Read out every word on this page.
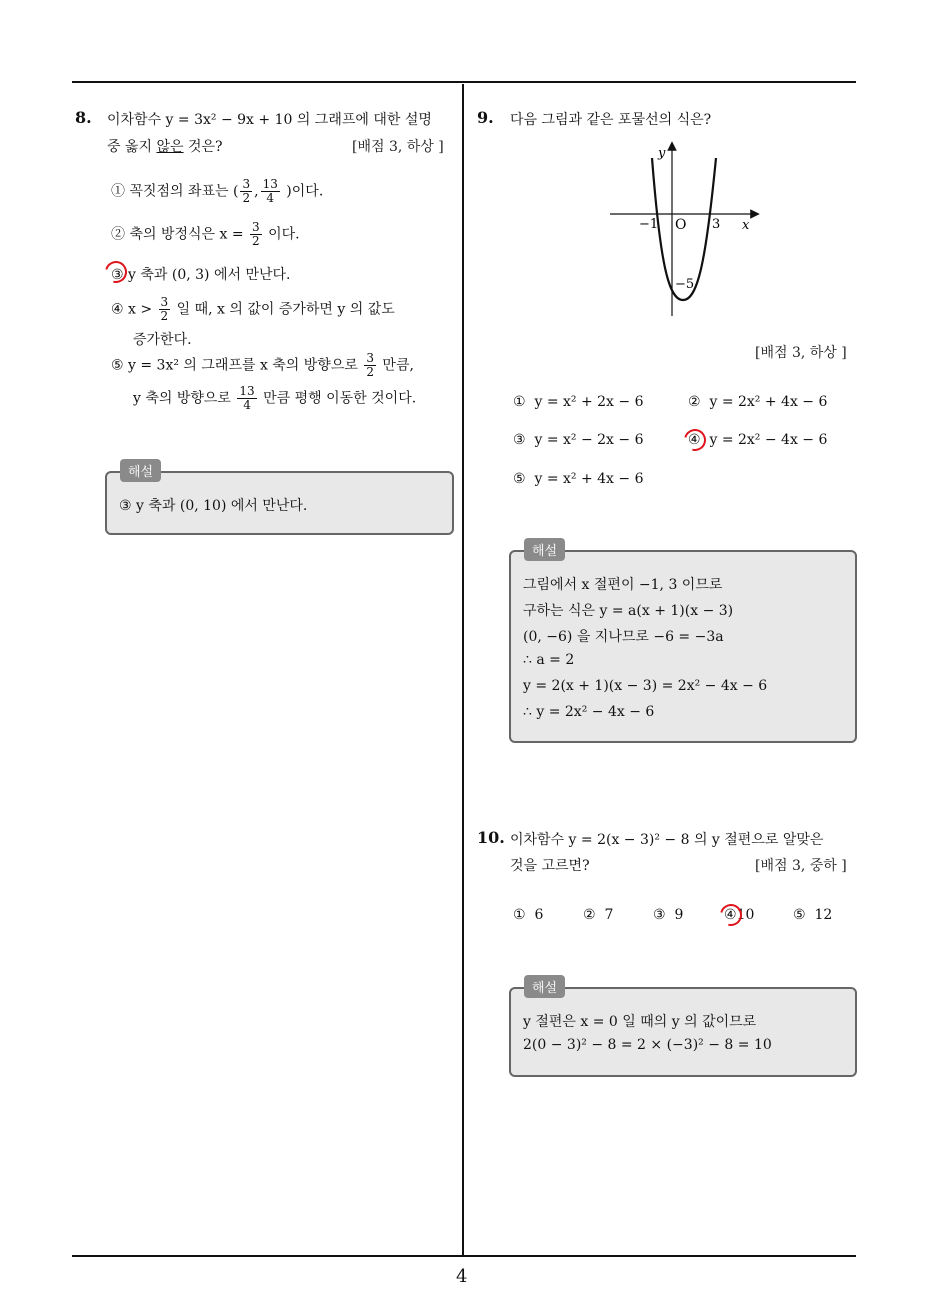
4
8. 이차함수 y = 3x² − 9x + 10 의 그래프에 대한 설명
중 옳지 않은 것은?	[배점 3, 하상 ]
① 꼭짓점의 좌표는 ( $\frac{3}{2}$ , $\frac{13}{4}$ )이다.
② 축의 방정식은 $x = \frac{3}{2}$ 이다.
③ y 축과 (0, 3) 에서 만난다.
④ $x > \frac{3}{2}$ 일 때, x 의 값이 증가하면 y 의 값도
증가한다.
⑤ y = 3x² 의 그래프를 x 축의 방향으로 $\frac{3}{2}$ 만큼,
y 축의 방향으로 $\frac{13}{4}$ 만큼 평행 이동한 것이다.
③ y 축과 (0, 10) 에서 만난다.
해설
9. 다음 그림과 같은 포물선의 식은?
y
x
O
−1	3
−5
[배점 3, 하상 ]
① y = x² + 2x − 6	② y = 2x² + 4x − 6
③ y = x² − 2x − 6	④ y = 2x² − 4x − 6
⑤ y = x² + 4x − 6
그림에서 x 절편이 −1, 3 이므로
구하는 식은 y = a(x + 1)(x − 3)
(0, −6) 을 지나므로 −6 = −3a
∴ a = 2
y = 2(x + 1)(x − 3) = 2x² − 4x − 6
∴ y = 2x² − 4x − 6
해설
10. 이차함수 y = 2(x − 3)² − 8 의 y 절편으로 알맞은
것을 고르면?	[배점 3, 중하 ]
① 6	② 7	③ 9	④10	⑤ 12
y 절편은 x = 0 일 때의 y 의 값이므로
2(0 − 3)² − 8 = 2 × (−3)² − 8 = 10
해설
